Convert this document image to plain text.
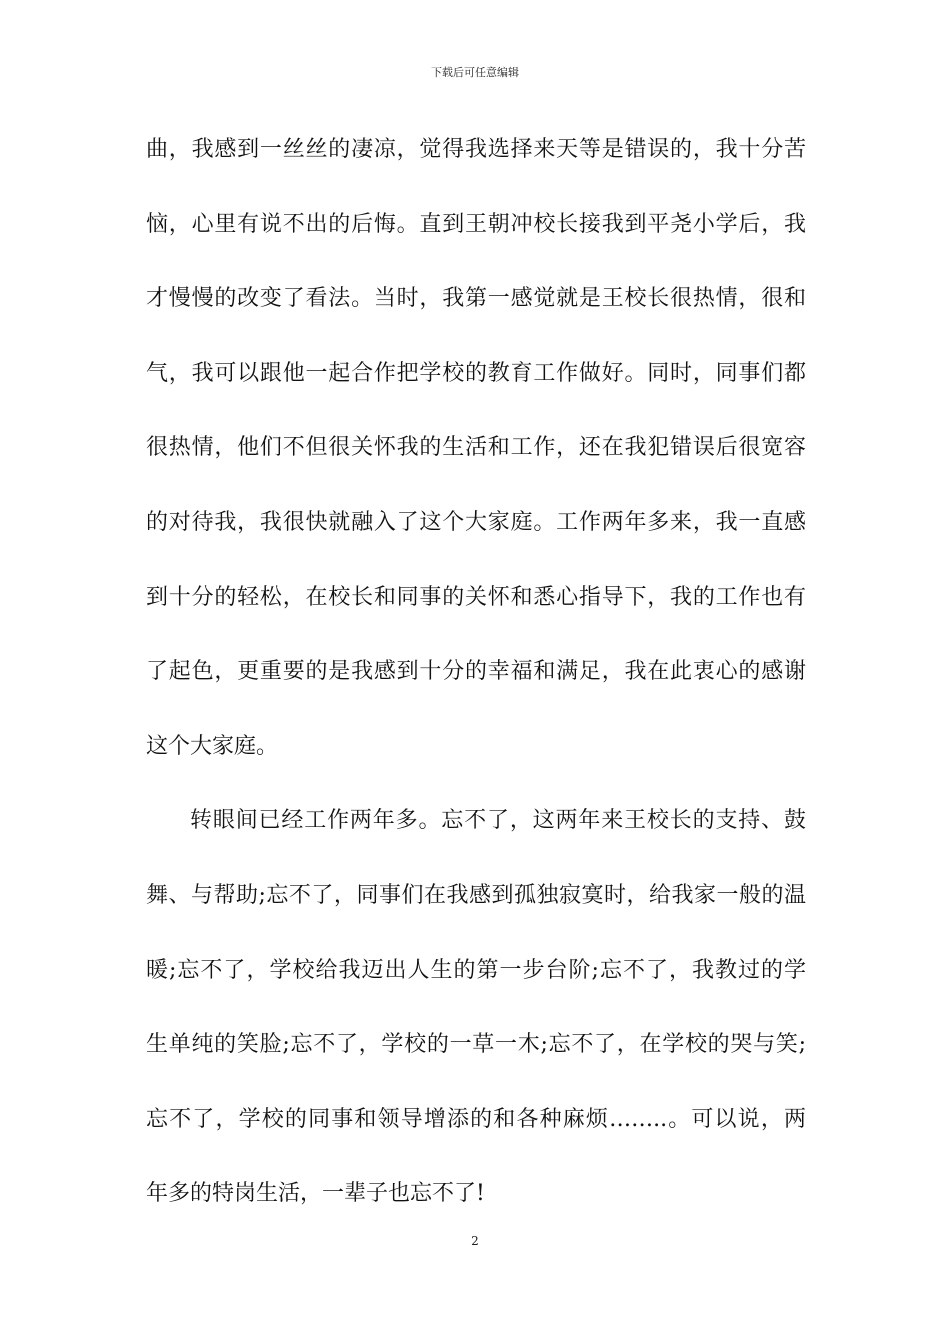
下载后可任意编辑
曲，我感到一丝丝的凄凉，觉得我选择来天等是错误的，我十分苦
恼，心里有说不出的后悔。直到王朝冲校长接我到平尧小学后，我
才慢慢的改变了看法。当时，我第一感觉就是王校长很热情，很和
气，我可以跟他一起合作把学校的教育工作做好。同时，同事们都
很热情，他们不但很关怀我的生活和工作，还在我犯错误后很宽容
的对待我，我很快就融入了这个大家庭。工作两年多来，我一直感
到十分的轻松，在校长和同事的关怀和悉心指导下，我的工作也有
了起色，更重要的是我感到十分的幸福和满足，我在此衷心的感谢
这个大家庭。
转眼间已经工作两年多。忘不了，这两年来王校长的支持、鼓
舞、与帮助;忘不了，同事们在我感到孤独寂寞时，给我家一般的温
暖;忘不了，学校给我迈出人生的第一步台阶;忘不了，我教过的学
生单纯的笑脸;忘不了，学校的一草一木;忘不了，在学校的哭与笑;
忘不了，学校的同事和领导增添的和各种麻烦……..。可以说，两
年多的特岗生活，一辈子也忘不了!
2
